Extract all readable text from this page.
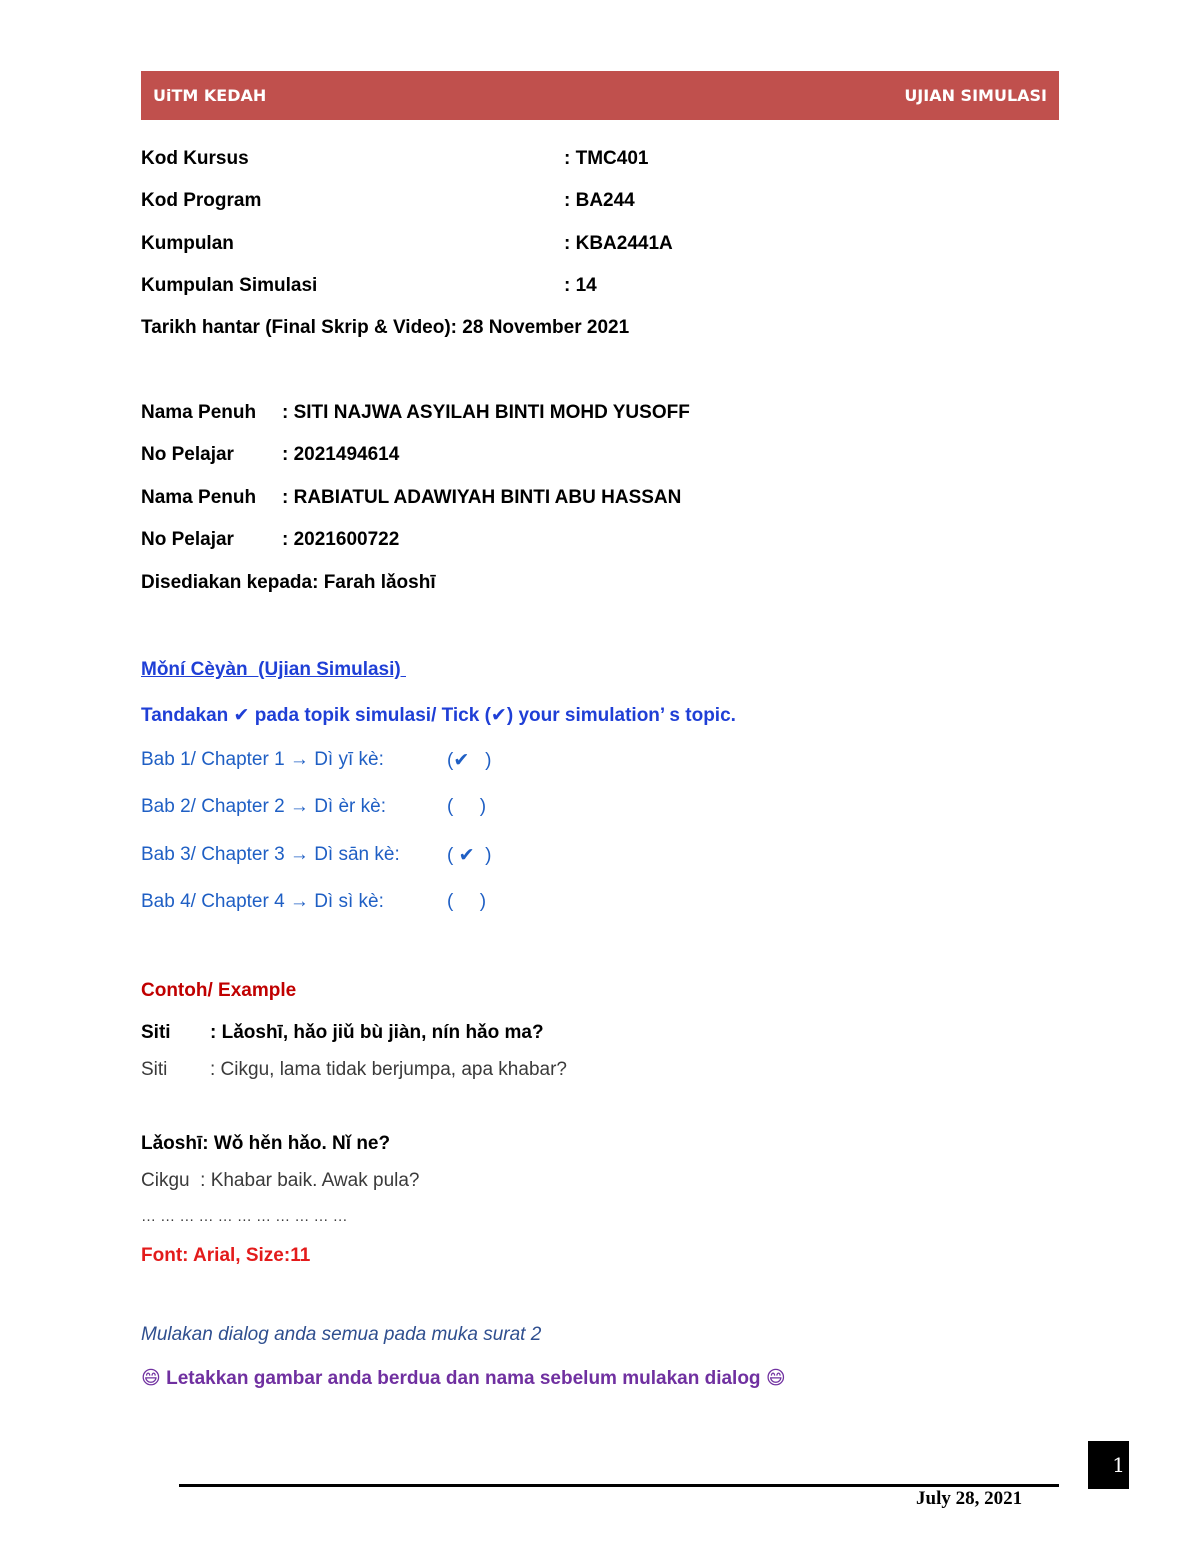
UiTM KEDAH	UJIAN SIMULASI
Kod Kursus	: TMC401
Kod Program	: BA244
Kumpulan	: KBA2441A
Kumpulan Simulasi	: 14
Tarikh hantar (Final Skrip & Video): 28 November 2021
Nama Penuh : SITI NAJWA ASYILAH BINTI MOHD YUSOFF
No Pelajar	: 2021494614
Nama Penuh : RABIATUL ADAWIYAH BINTI ABU HASSAN
No Pelajar	: 2021600722
Disediakan kepada: Farah lǎoshī
Mǒní Cèyàn  (Ujian Simulasi)
Tandakan ✔ pada topik simulasi/ Tick (✔) your simulation’ s topic.
Bab 1/ Chapter 1 → Dì yī kè:	(✔   )
Bab 2/ Chapter 2 → Dì èr kè:	(     )
Bab 3/ Chapter 3 → Dì sān kè: ( ✔  )
Bab 4/ Chapter 4 → Dì sì kè:	(     )
Contoh/ Example
Siti : Lǎoshī, hǎo jiǔ bù jiàn, nín hǎo ma?
Siti : Cikgu, lama tidak berjumpa, apa khabar?
Lǎoshī: Wǒ hěn hǎo. Nǐ ne?
Cikgu  : Khabar baik. Awak pula?
… … … … … … … … … … …
Font: Arial, Size:11
Mulakan dialog anda semua pada muka surat 2
😄 Letakkan gambar anda berdua dan nama sebelum mulakan dialog 😄
1
July 28, 2021
